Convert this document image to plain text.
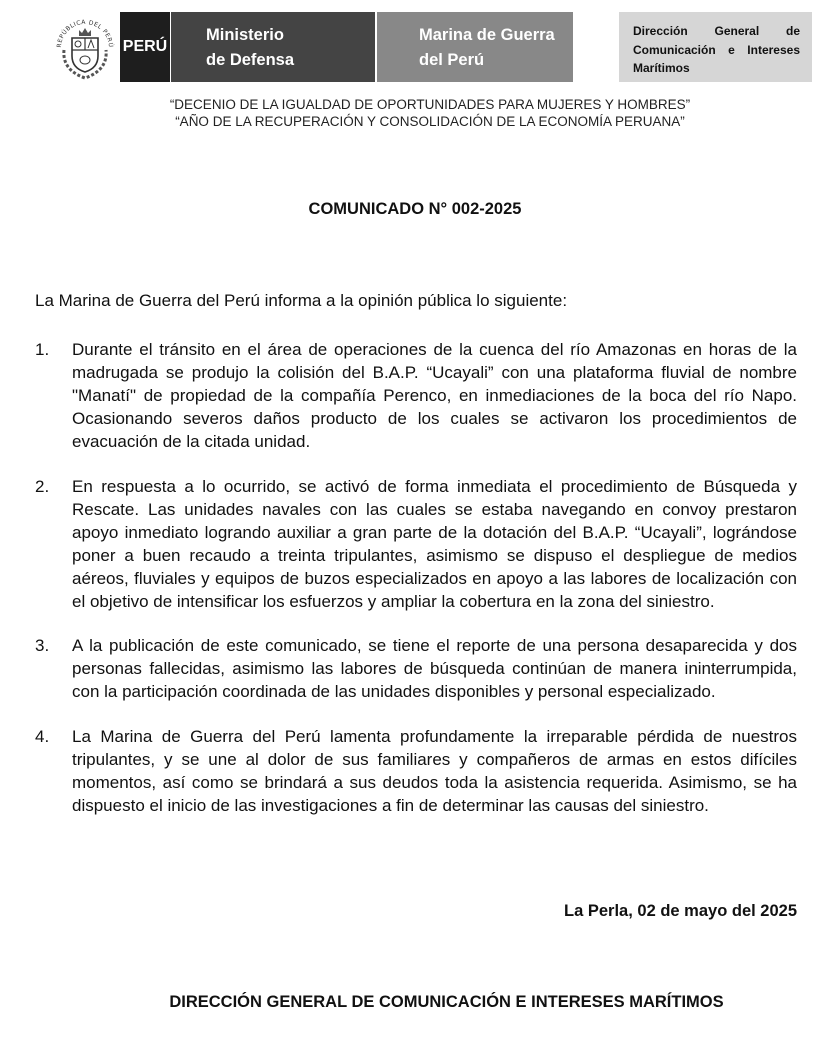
REPÚBLICA DEL PERÚ PERÚ
Ministerio
de Defensa
Marina de Guerra
del Perú
Dirección General de
Comunicación e Intereses
Marítimos
“DECENIO DE LA IGUALDAD DE OPORTUNIDADES PARA MUJERES Y HOMBRES”
“AÑO DE LA RECUPERACIÓN Y CONSOLIDACIÓN DE LA ECONOMÍA PERUANA”
COMUNICADO N° 002-2025
La Marina de Guerra del Perú informa a la opinión pública lo siguiente:
1. Durante el tránsito en el área de operaciones de la cuenca del río Amazonas en horas de la madrugada se produjo la colisión del B.A.P. “Ucayali” con una plataforma fluvial de nombre "Manatí" de propiedad de la compañía Perenco, en inmediaciones de la boca del río Napo. Ocasionando severos daños producto de los cuales se activaron los procedimientos de evacuación de la citada unidad.
2. En respuesta a lo ocurrido, se activó de forma inmediata el procedimiento de Búsqueda y Rescate. Las unidades navales con las cuales se estaba navegando en convoy prestaron apoyo inmediato logrando auxiliar a gran parte de la dotación del B.A.P. “Ucayali”, lográndose poner a buen recaudo a treinta tripulantes, asimismo se dispuso el despliegue de medios aéreos, fluviales y equipos de buzos especializados en apoyo a las labores de localización con el objetivo de intensificar los esfuerzos y ampliar la cobertura en la zona del siniestro.
3. A la publicación de este comunicado, se tiene el reporte de una persona desaparecida y dos personas fallecidas, asimismo las labores de búsqueda continúan de manera ininterrumpida, con la participación coordinada de las unidades disponibles y personal especializado.
4. La Marina de Guerra del Perú lamenta profundamente la irreparable pérdida de nuestros tripulantes, y se une al dolor de sus familiares y compañeros de armas en estos difíciles momentos, así como se brindará a sus deudos toda la asistencia requerida. Asimismo, se ha dispuesto el inicio de las investigaciones a fin de determinar las causas del siniestro.
La Perla, 02 de mayo del 2025
DIRECCIÓN GENERAL DE COMUNICACIÓN E INTERESES MARÍTIMOS
